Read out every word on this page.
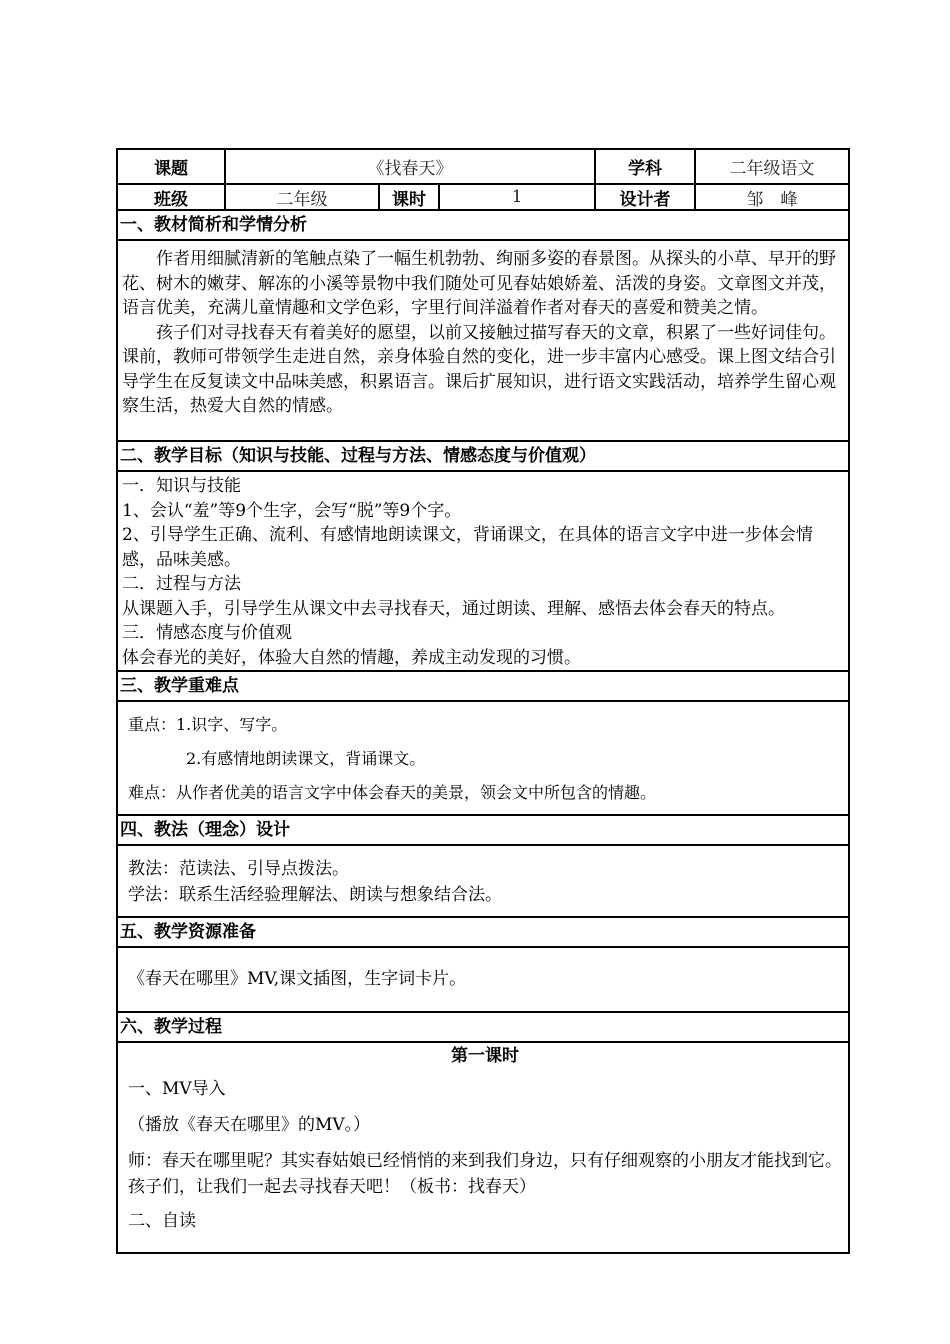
课题	《找春天》	学科	二年级语文
班级	二年级	课时	1	设计者	邹　峰
一、教材简析和学情分析

作者用细腻清新的笔触点染了一幅生机勃勃、绚丽多姿的春景图。从探头的小草、早开的野花、树木的嫩芽、解冻的小溪等景物中我们随处可见春姑娘娇羞、活泼的身姿。文章图文并茂，语言优美，充满儿童情趣和文学色彩，字里行间洋溢着作者对春天的喜爱和赞美之情。

孩子们对寻找春天有着美好的愿望，以前又接触过描写春天的文章，积累了一些好词佳句。课前，教师可带领学生走进自然，亲身体验自然的变化，进一步丰富内心感受。课上图文结合引导学生在反复读文中品味美感，积累语言。课后扩展知识，进行语文实践活动，培养学生留心观察生活，热爱大自然的情感。

二、教学目标（知识与技能、过程与方法、情感态度与价值观）

一．知识与技能

1、会认“羞”等9个生字，会写“脱”等9个字。

2、引导学生正确、流利、有感情地朗读课文，背诵课文，在具体的语言文字中进一步体会情感，品味美感。

二．过程与方法

从课题入手，引导学生从课文中去寻找春天，通过朗读、理解、感悟去体会春天的特点。

三．情感态度与价值观

体会春光的美好，体验大自然的情趣，养成主动发现的习惯。

三、教学重难点

重点：1.识字、写字。

2.有感情地朗读课文，背诵课文。

难点：从作者优美的语言文字中体会春天的美景，领会文中所包含的情趣。

四、教法（理念）设计

教法：范读法、引导点拨法。

学法：联系生活经验理解法、朗读与想象结合法。

五、教学资源准备
《春天在哪里》MV,课文插图，生字词卡片。
六、教学过程

第一课时

一、MV导入

（播放《春天在哪里》的MV。）

师：春天在哪里呢？其实春姑娘已经悄悄的来到我们身边，只有仔细观察的小朋友才能找到它。孩子们，让我们一起去寻找春天吧！（板书：找春天）

二、自读
